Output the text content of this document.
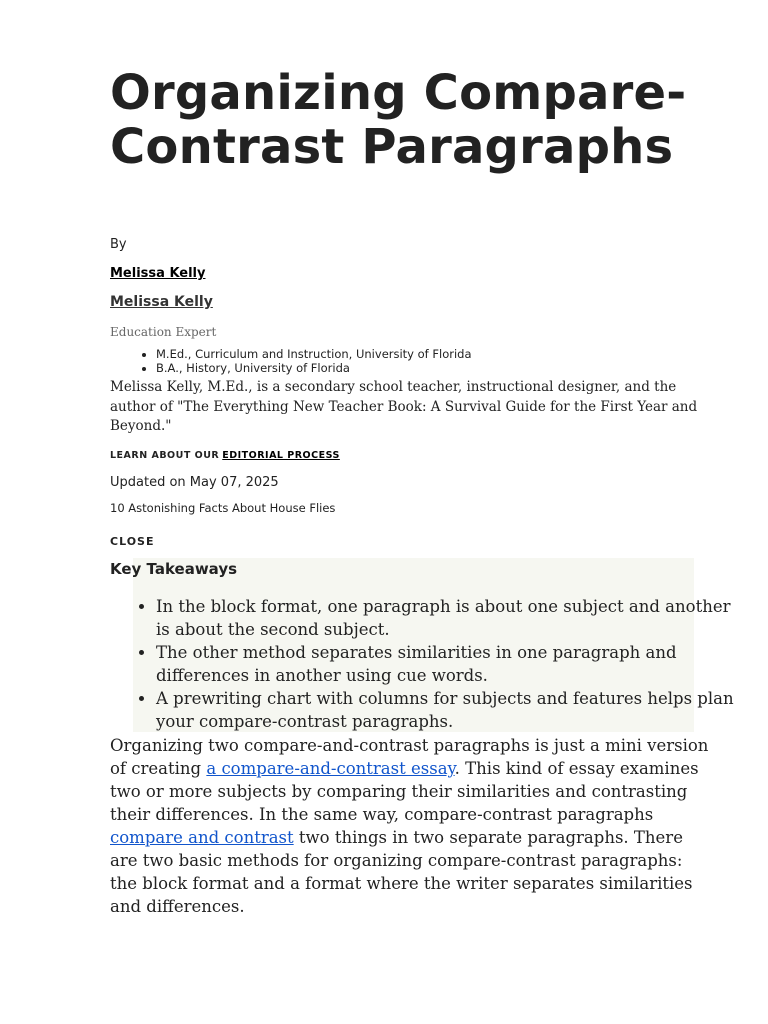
Organizing Compare-Contrast Paragraphs
By
Melissa Kelly
Melissa Kelly
Education Expert
• M.Ed., Curriculum and Instruction, University of Florida
• B.A., History, University of Florida
Melissa Kelly, M.Ed., is a secondary school teacher, instructional designer, and the author of "The Everything New Teacher Book: A Survival Guide for the First Year and Beyond."
LEARN ABOUT OUR EDITORIAL PROCESS
Updated on May 07, 2025
10 Astonishing Facts About House Flies
CLOSE
Key Takeaways
• In the block format, one paragraph is about one subject and another is about the second subject.
• The other method separates similarities in one paragraph and differences in another using cue words.
• A prewriting chart with columns for subjects and features helps plan your compare-contrast paragraphs.

Organizing two compare-and-contrast paragraphs is just a mini version of creating a compare-and-contrast essay. This kind of essay examines two or more subjects by comparing their similarities and contrasting their differences. In the same way, compare-contrast paragraphs compare and contrast two things in two separate paragraphs. There are two basic methods for organizing compare-contrast paragraphs: the block format and a format where the writer separates similarities and differences.
